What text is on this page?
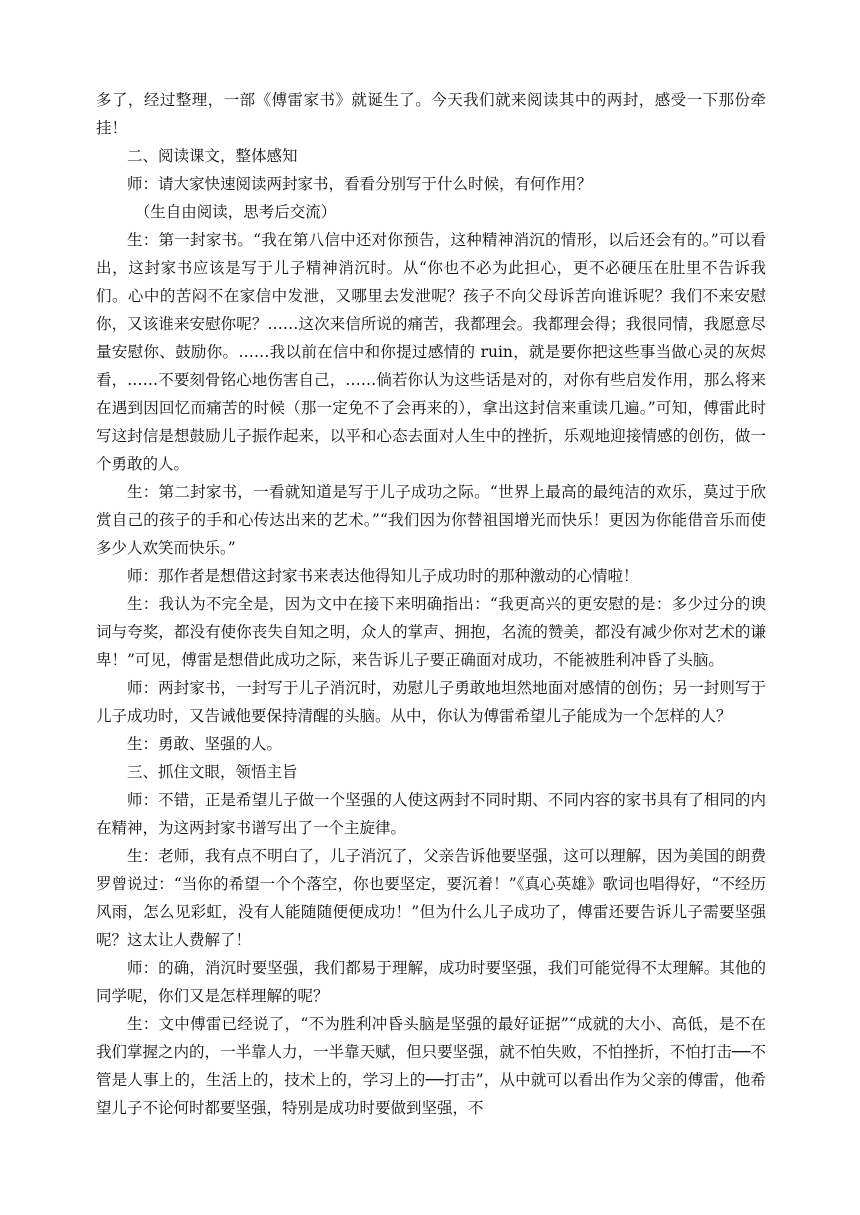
多了，经过整理，一部《傅雷家书》就诞生了。今天我们就来阅读其中的两封，感受一下那份牵挂！

二、阅读课文，整体感知

师：请大家快速阅读两封家书，看看分别写于什么时候，有何作用？

（生自由阅读，思考后交流）

生：第一封家书。“我在第八信中还对你预告，这种精神消沉的情形，以后还会有的。”可以看出，这封家书应该是写于儿子精神消沉时。从“你也不必为此担心，更不必硬压在肚里不告诉我们。心中的苦闷不在家信中发泄，又哪里去发泄呢？孩子不向父母诉苦向谁诉呢？我们不来安慰你，又该谁来安慰你呢？……这次来信所说的痛苦，我都理会。我都理会得；我很同情，我愿意尽量安慰你、鼓励你。……我以前在信中和你提过感情的 ruin，就是要你把这些事当做心灵的灰烬看，……不要刻骨铭心地伤害自己，……倘若你认为这些话是对的，对你有些启发作用，那么将来在遇到因回忆而痛苦的时候（那一定免不了会再来的），拿出这封信来重读几遍。”可知，傅雷此时写这封信是想鼓励儿子振作起来，以平和心态去面对人生中的挫折，乐观地迎接情感的创伤，做一个勇敢的人。

生：第二封家书，一看就知道是写于儿子成功之际。“世界上最高的最纯洁的欢乐，莫过于欣赏自己的孩子的手和心传达出来的艺术。”“我们因为你替祖国增光而快乐！更因为你能借音乐而使多少人欢笑而快乐。”

师：那作者是想借这封家书来表达他得知儿子成功时的那种激动的心情啦！

生：我认为不完全是，因为文中在接下来明确指出：“我更高兴的更安慰的是：多少过分的谀词与夸奖，都没有使你丧失自知之明，众人的掌声、拥抱，名流的赞美，都没有减少你对艺术的谦卑！”可见，傅雷是想借此成功之际，来告诉儿子要正确面对成功，不能被胜利冲昏了头脑。

师：两封家书，一封写于儿子消沉时，劝慰儿子勇敢地坦然地面对感情的创伤；另一封则写于儿子成功时，又告诫他要保持清醒的头脑。从中，你认为傅雷希望儿子能成为一个怎样的人？

生：勇敢、坚强的人。

三、抓住文眼，领悟主旨

师：不错，正是希望儿子做一个坚强的人使这两封不同时期、不同内容的家书具有了相同的内在精神，为这两封家书谱写出了一个主旋律。

生：老师，我有点不明白了，儿子消沉了，父亲告诉他要坚强，这可以理解，因为美国的朗费罗曾说过：“当你的希望一个个落空，你也要坚定，要沉着！”《真心英雄》歌词也唱得好，“不经历风雨，怎么见彩虹，没有人能随随便便成功！”但为什么儿子成功了，傅雷还要告诉儿子需要坚强呢？这太让人费解了！

师：的确，消沉时要坚强，我们都易于理解，成功时要坚强，我们可能觉得不太理解。其他的同学呢，你们又是怎样理解的呢？

生：文中傅雷已经说了，“不为胜利冲昏头脑是坚强的最好证据”“成就的大小、高低，是不在我们掌握之内的，一半靠人力，一半靠天赋，但只要坚强，就不怕失败，不怕挫折，不怕打击──不管是人事上的，生活上的，技术上的，学习上的──打击”，从中就可以看出作为父亲的傅雷，他希望儿子不论何时都要坚强，特别是成功时要做到坚强，不
